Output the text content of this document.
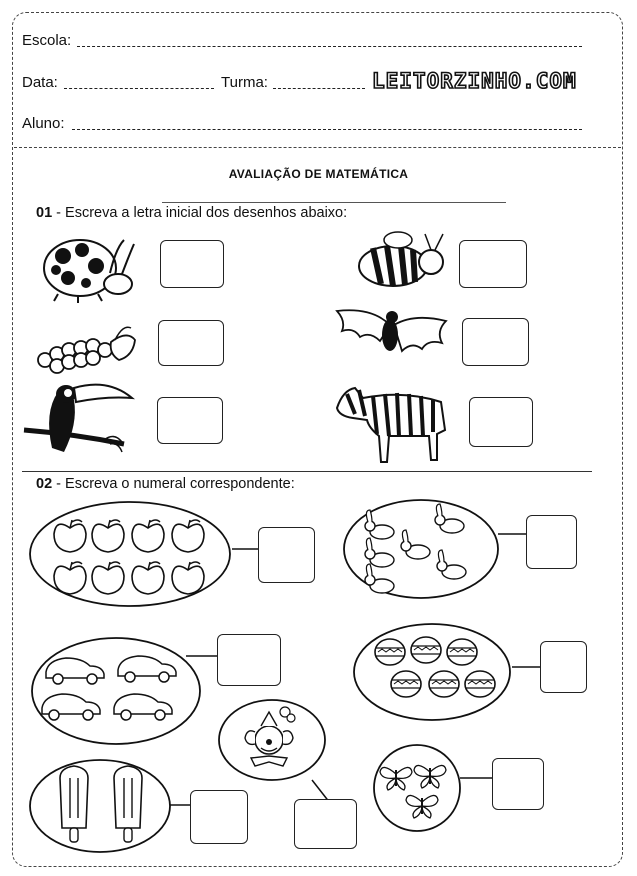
Escola:
Data:	Turma:	LEITORZINHO.COM
Aluno:
AVALIAÇÃO DE MATEMÁTICA
01 - Escreva a letra inicial dos desenhos abaixo:
02 - Escreva o numeral correspondente:
